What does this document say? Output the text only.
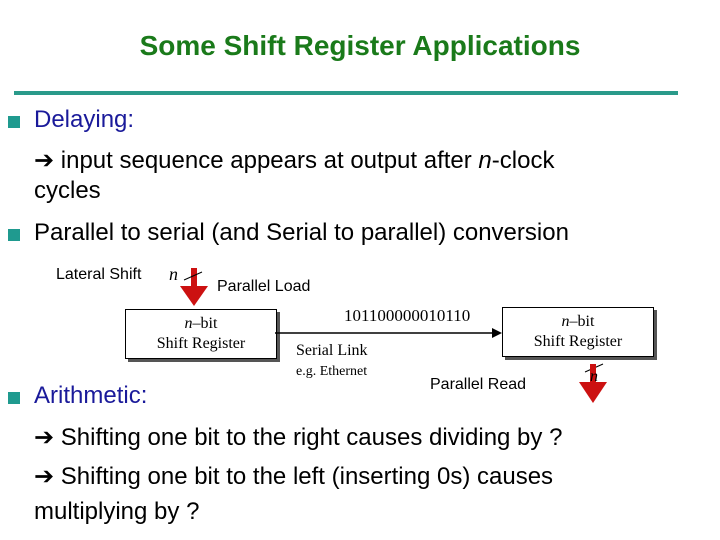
Some Shift Register Applications
Delaying:
➔ input sequence appears at output after n-clock
cycles
Parallel to serial (and Serial to parallel) conversion
Lateral Shift n
Parallel Load
n–bit
Shift Register
n–bit
Shift Register
101100000010110
Serial Link
e.g. Ethernet
Parallel Read	n
Arithmetic:
➔ Shifting one bit to the right causes dividing by ?
➔ Shifting one bit to the left (inserting 0s) causes
multiplying by ?
